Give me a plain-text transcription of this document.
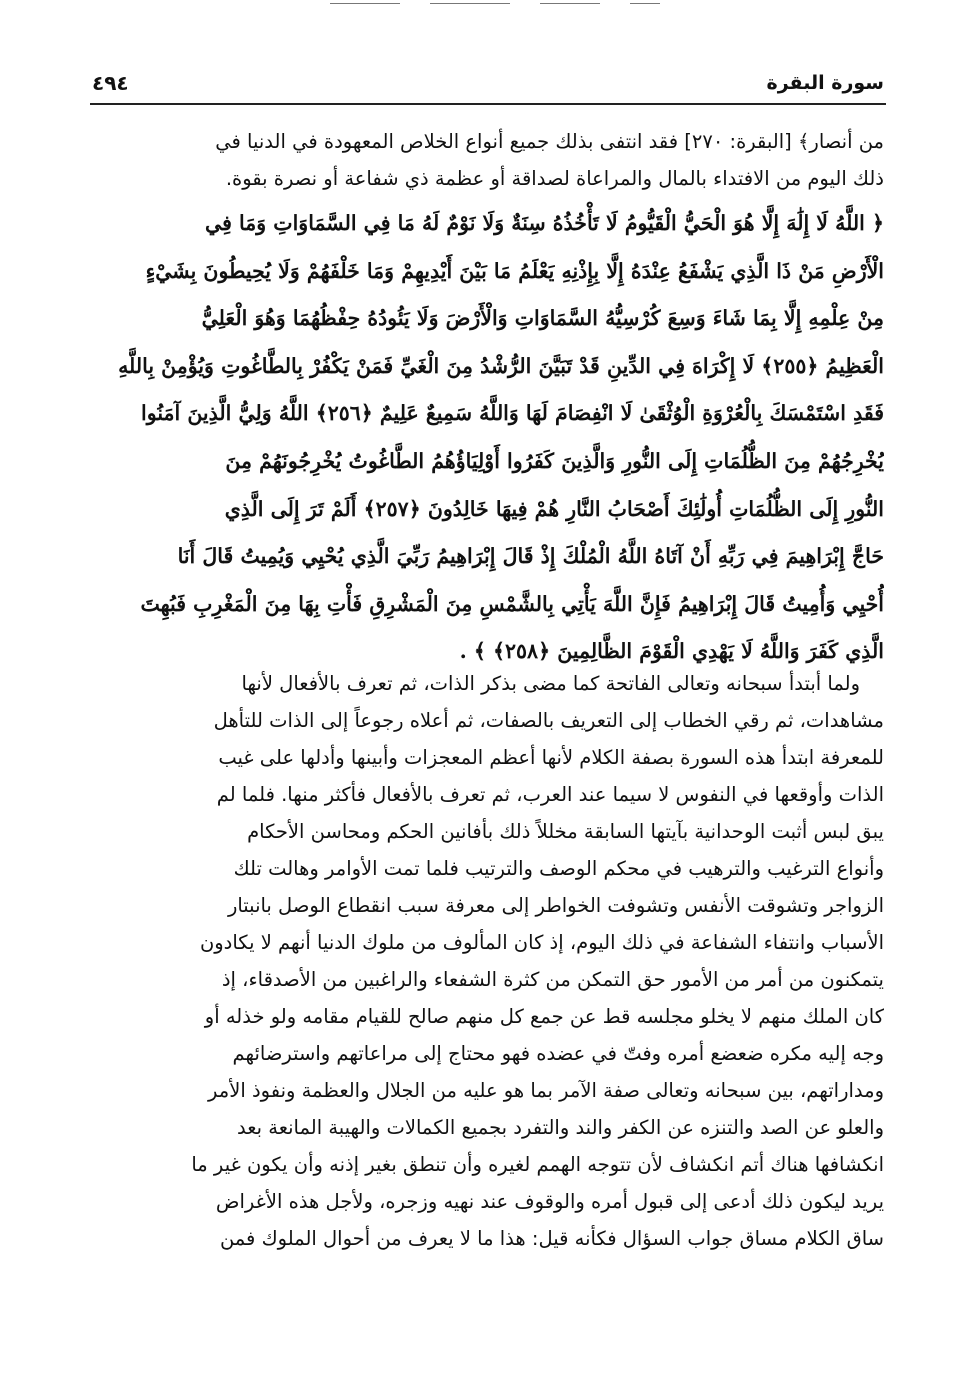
سورة البقرة
٤٩٤
من أنصار﴾ [البقرة: ٢٧٠] فقد انتفى بذلك جميع أنواع الخلاص المعهودة في الدنيا في
ذلك اليوم من الافتداء بالمال والمراعاة لصداقة أو عظمة ذي شفاعة أو نصرة بقوة.
﴿ اللَّهُ لَا إِلَٰهَ إِلَّا هُوَ الْحَيُّ الْقَيُّومُ لَا تَأْخُذُهُ سِنَةٌ وَلَا نَوْمٌ لَهُ مَا فِي السَّمَاوَاتِ وَمَا فِي
الْأَرْضِ مَنْ ذَا الَّذِي يَشْفَعُ عِنْدَهُ إِلَّا بِإِذْنِهِ يَعْلَمُ مَا بَيْنَ أَيْدِيهِمْ وَمَا خَلْفَهُمْ وَلَا يُحِيطُونَ بِشَيْءٍ
مِنْ عِلْمِهِ إِلَّا بِمَا شَاءَ وَسِعَ كُرْسِيُّهُ السَّمَاوَاتِ وَالْأَرْضَ وَلَا يَئُودُهُ حِفْظُهُمَا وَهُوَ الْعَلِيُّ
الْعَظِيمُ ﴿٢٥٥﴾ لَا إِكْرَاهَ فِي الدِّينِ قَدْ تَبَيَّنَ الرُّشْدُ مِنَ الْغَيِّ فَمَنْ يَكْفُرْ بِالطَّاغُوتِ وَيُؤْمِنْ بِاللَّهِ
فَقَدِ اسْتَمْسَكَ بِالْعُرْوَةِ الْوُثْقَىٰ لَا انْفِصَامَ لَهَا وَاللَّهُ سَمِيعٌ عَلِيمٌ ﴿٢٥٦﴾ اللَّهُ وَلِيُّ الَّذِينَ آمَنُوا
يُخْرِجُهُمْ مِنَ الظُّلُمَاتِ إِلَى النُّورِ وَالَّذِينَ كَفَرُوا أَوْلِيَاؤُهُمُ الطَّاغُوتُ يُخْرِجُونَهُمْ مِنَ
النُّورِ إِلَى الظُّلُمَاتِ أُولَٰئِكَ أَصْحَابُ النَّارِ هُمْ فِيهَا خَالِدُونَ ﴿٢٥٧﴾ أَلَمْ تَرَ إِلَى الَّذِي
حَاجَّ إِبْرَاهِيمَ فِي رَبِّهِ أَنْ آتَاهُ اللَّهُ الْمُلْكَ إِذْ قَالَ إِبْرَاهِيمُ رَبِّيَ الَّذِي يُحْيِي وَيُمِيتُ قَالَ أَنَا
أُحْيِي وَأُمِيتُ قَالَ إِبْرَاهِيمُ فَإِنَّ اللَّهَ يَأْتِي بِالشَّمْسِ مِنَ الْمَشْرِقِ فَأْتِ بِهَا مِنَ الْمَغْرِبِ فَبُهِتَ
الَّذِي كَفَرَ وَاللَّهُ لَا يَهْدِي الْقَوْمَ الظَّالِمِينَ ﴿٢٥٨﴾ ﴾ .
ولما أبتدأ سبحانه وتعالى الفاتحة كما مضى بذكر الذات، ثم تعرف بالأفعال لأنها
مشاهدات، ثم رقي الخطاب إلى التعريف بالصفات، ثم أعلاه رجوعاً إلى الذات للتأهل
للمعرفة ابتدأ هذه السورة بصفة الكلام لأنها أعظم المعجزات وأبينها وأدلها على غيب
الذات وأوقعها في النفوس لا سيما عند العرب، ثم تعرف بالأفعال فأكثر منها. فلما لم
يبق لبس أثبت الوحدانية بآيتها السابقة مخللاً ذلك بأفانين الحكم ومحاسن الأحكام
وأنواع الترغيب والترهيب في محكم الوصف والترتيب فلما تمت الأوامر وهالت تلك
الزواجر وتشوقت الأنفس وتشوفت الخواطر إلى معرفة سبب انقطاع الوصل بانبتار
الأسباب وانتفاء الشفاعة في ذلك اليوم، إذ كان المألوف من ملوك الدنيا أنهم لا يكادون
يتمكنون من أمر من الأمور حق التمكن من كثرة الشفعاء والراغبين من الأصدقاء، إذ
كان الملك منهم لا يخلو مجلسه قط عن جمع كل منهم صالح للقيام مقامه ولو خذله أو
وجه إليه مكره ضعضع أمره وفتّ في عضده فهو محتاج إلى مراعاتهم واسترضائهم
ومداراتهم، بين سبحانه وتعالى صفة الآمر بما هو عليه من الجلال والعظمة ونفوذ الأمر
والعلو عن الصد والتنزه عن الكفر والند والتفرد بجميع الكمالات والهيبة المانعة بعد
انكشافها هناك أتم انكشاف لأن تتوجه الهمم لغيره وأن تنطق بغير إذنه وأن يكون غير ما
يريد ليكون ذلك أدعى إلى قبول أمره والوقوف عند نهيه وزجره، ولأجل هذه الأغراض
ساق الكلام مساق جواب السؤال فكأنه قيل: هذا ما لا يعرف من أحوال الملوك فمن
